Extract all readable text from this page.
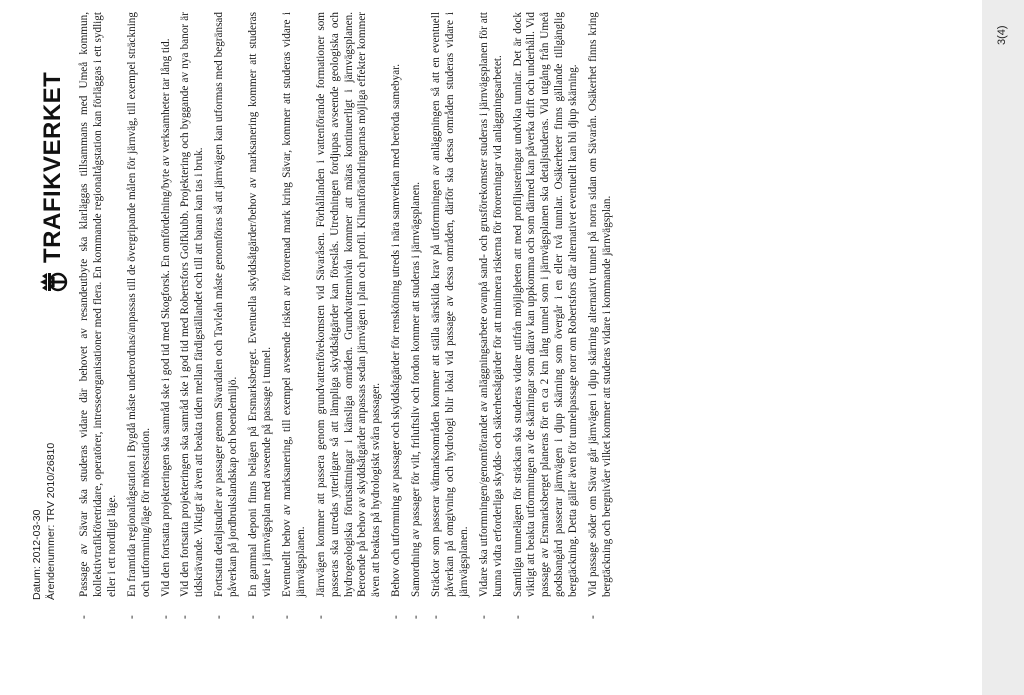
Datum: 2012-03-30 Ärendenummer: TRV 2010/26810
TRAFIKVERKET - Passage av Sävar ska studeras vidare där behovet av resandeutbyte ska klarläggas tillsammans med Umeå kommun, kollektivtrafikföretridare, operatörer, intresseorganisationer med flera. En kommande regionaltågstation kan förläggas i ett sydligt eller i ett nordligt läge. - En framtida regionaltågstation i Bygdå måste underordnas/anpassas till de övergripande målen för järnväg, till exempel sträckning och utformning/läge för mötesstation. - Vid den fortsatta projekteringen ska samråd ske i god tid med Skogforsk. En omfördelning/byte av verksamheter tar lång tid. - Vid den fortsatta projekteringen ska samråd ske i god tid med Robertsfors Golfklubb. Projektering och byggande av nya banor är tidskrävande. Viktigt är även att beakta tiden mellan färdigställandet och till att banan kan tas i bruk. - Fortsatta detaljstudier av passager genom Sävardalen och Tavleån måste genomföras så att järnvägen kan utformas med begränsad påverkan på jordbrukslandskap och boendemiljö. - En gammal deponi finns belägen på Ersmarksberget. Eventuella skyddsåtgärder/behov av marksanering kommer att studeras vidare i järnvägsplan med avseende på passage i tunnel. - Eventuellt behov av marksanering, till exempel avseende risken av förorenad mark kring Sävar, kommer att studeras vidare i järnvägsplanen. - Järnvägen kommer att passera genom grundvattenförekomsten vid Sävaråsen. Förhållanden i vattenförande formationer som passeras ska utredas ytterligare så att lämpliga skyddsåtgärder kan föreslås. Utredningen fordjupas avseende geologiska och hydrogeologiska förutsättningar i känsliga områden. Grundvattennivån kommer att mätas kontinuerligt i järnvägsplanen. Beroende på behov av skyddsåtgärder anpassas sedan järnvägen i plan och profil. Klimatförändringarnas möjliga effekter kommer även att beaktas på hydrologiskt svåra passager. - Behov och utformning av passager och skyddsåtgärder för renskötning utreds i nära samverkan med berörda samebyar. - Samordning av passager för vilt, friluftsliv och fordon kommer att studeras i järnvägsplanen. - Sträckor som passerar våtmarksområden kommer att ställa särskilda krav på utformningen av anläggningen så att en eventuell påverkan på omgivning och hydrologi blir lokal vid passage av dessa områden, därför ska dessa områden studeras vidare i järnvägsplanen. - Vidare ska utformningen/genomförandet av anläggningsarbete ovanpå sand- och grusförekomster studeras i järnvägsplanen för att kunna vidta erforderliga skydds- och säkerhetsåtgärder för att minimera riskerna för föroreningar vid anläggningsarbetet. - Samtliga tunnelägen för sträckan ska studeras vidare utifrån möjligheten att med profiljusteringar undvika tunnlar. Det är dock viktigt att beakta utformningen av de skärningar som därav kan uppkomma och som därmed kan påverka drift och underhåll. Vid passage av Ersmarksberget planeras för en ca 2 km lång tunnel som i järnvägsplanen ska detaljstuderas. Vid utgång från Umeå godsbangård passerar järnvägen i djup skärning som övergår i en eller två tunnlar. Osäkerheter finns gällande tillgänglig bergtäckning. Detta gäller även för tunnelpassage norr om Robertsfors där alternativet eventuellt kan bli djup skärning. - Vid passage söder om Sävar går järnvägen i djup skärning alternativt tunnel på norra sidan om Sävarån. Osäkerhet finns kring bergtäckning och bergnivåer vilket kommer att studeras vidare i kommande järnvägsplan.
3(4)
